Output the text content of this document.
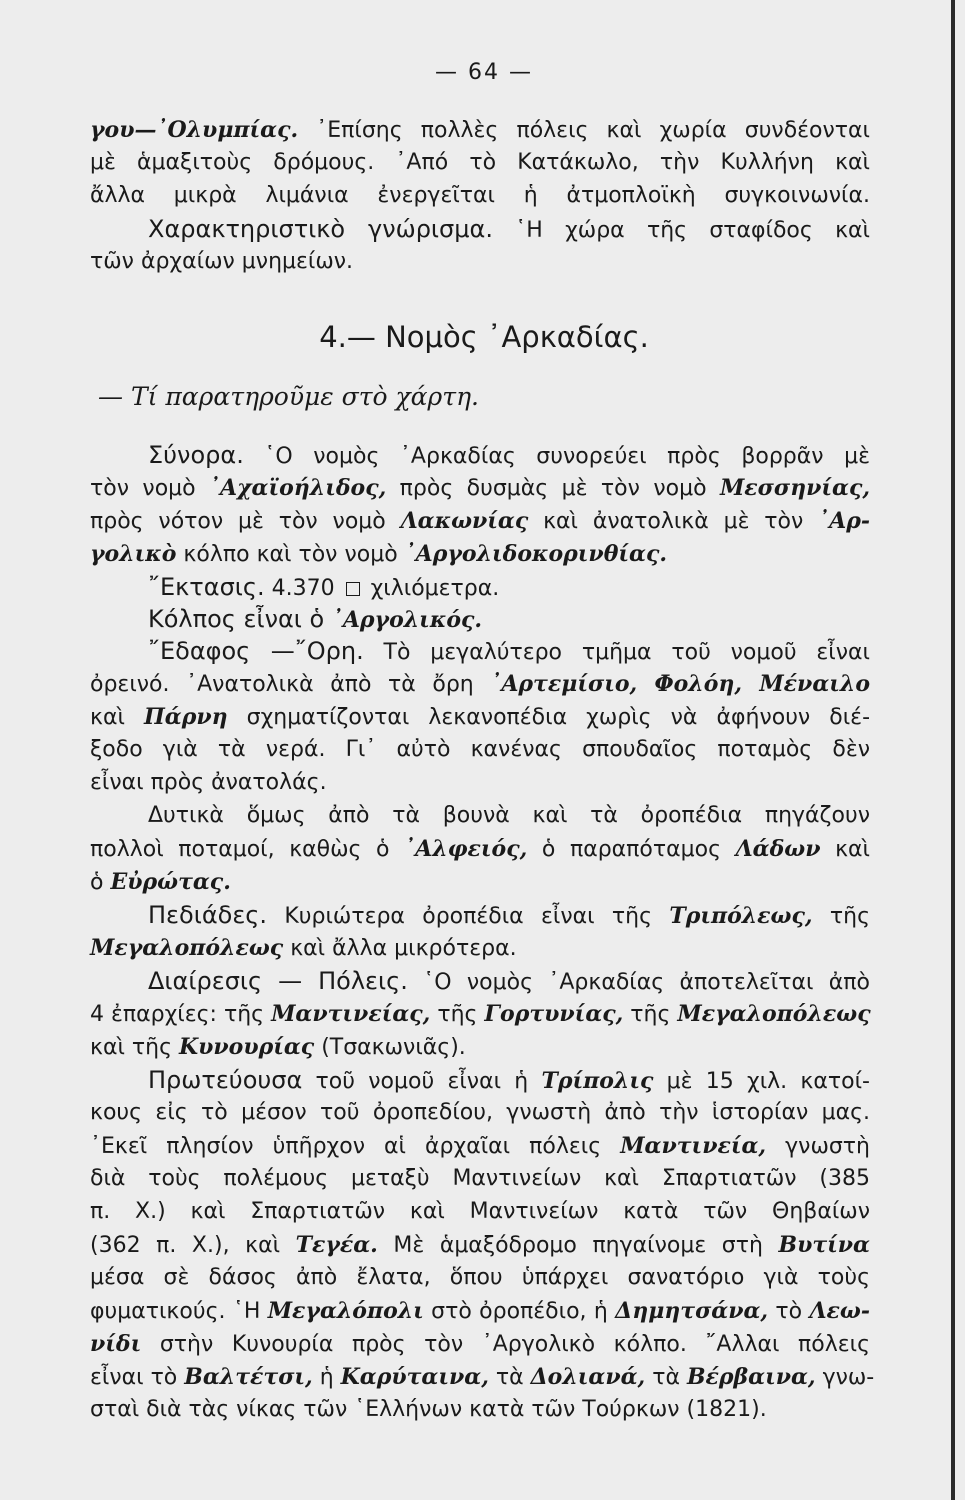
— 64 —
γου—᾿Ολυμπίας. ᾿Επίσης πολλὲς πόλεις καὶ χωρία συνδέονται
μὲ ἁμαξιτοὺς δρόμους. ᾿Από τὸ Κατάκωλο, τὴν Κυλλήνη καὶ
ἄλλα μικρὰ λιμάνια ἐνεργεῖται ἡ ἀτμοπλοϊκὴ συγκοινωνία.
Χαρακτηριστικὸ γνώρισμα. ῾Η χώρα τῆς σταφίδος καὶ
τῶν ἀρχαίων μνημείων.
4.— Νομὸς ᾿Αρκαδίας.
— Τί παρατηροῦμε στὸ χάρτη.
Σύνορα. ῾Ο νομὸς ᾿Αρκαδίας συνορεύει πρὸς βορρᾶν μὲ
τὸν νομὸ ᾿Αχαϊοήλιδος, πρὸς δυσμὰς μὲ τὸν νομὸ Μεσσηνίας,
πρὸς νότον μὲ τὸν νομὸ Λακωνίας καὶ ἀνατολικὰ μὲ τὸν ᾿Αρ-
γολικὸ κόλπο καὶ τὸν νομὸ ᾿Αργολιδοκορινθίας.
῎Εκτασις. 4.370  χιλιόμετρα.
Κόλπος εἶναι ὁ ᾿Αργολικός.
῎Εδαφος —῎Ορη. Τὸ μεγαλύτερο τμῆμα τοῦ νομοῦ εἶναι
ὀρεινό. ᾿Ανατολικὰ ἀπὸ τὰ ὄρη ᾿Αρτεμίσιο, Φολόη, Μέναιλο
καὶ Πάρνη σχηματίζονται λεκανοπέδια χωρὶς νὰ ἀφήνουν διέ-
ξοδο γιὰ τὰ νερά. Γι᾿ αὐτὸ κανένας σπουδαῖος ποταμὸς δὲν
εἶναι πρὸς ἀνατολάς.
Δυτικὰ ὅμως ἀπὸ τὰ βουνὰ καὶ τὰ ὀροπέδια πηγάζουν
πολλοὶ ποταμοί, καθὼς ὁ ᾿Αλφειός, ὁ παραπόταμος Λάδων καὶ
ὁ Εὐρώτας.
Πεδιάδες. Κυριώτερα ὀροπέδια εἶναι τῆς Τριπόλεως, τῆς
Μεγαλοπόλεως καὶ ἄλλα μικρότερα.
Διαίρεσις — Πόλεις. ῾Ο νομὸς ᾿Αρκαδίας ἀποτελεῖται ἀπὸ
4 ἐπαρχίες: τῆς Μαντινείας, τῆς Γορτυνίας, τῆς Μεγαλοπόλεως
καὶ τῆς Κυνουρίας (Τσακωνιᾶς).
Πρωτεύουσα τοῦ νομοῦ εἶναι ἡ Τρίπολις μὲ 15 χιλ. κατοί-
κους εἰς τὸ μέσον τοῦ ὀροπεδίου, γνωστὴ ἀπὸ τὴν ἱστορίαν μας.
᾿Εκεῖ πλησίον ὑπῆρχον αἱ ἀρχαῖαι πόλεις Μαντινεία, γνωστὴ
διὰ τοὺς πολέμους μεταξὺ Μαντινείων καὶ Σπαρτιατῶν (385
π. Χ.) καὶ Σπαρτιατῶν καὶ Μαντινείων κατὰ τῶν Θηβαίων
(362 π. Χ.), καὶ Τεγέα. Μὲ ἁμαξόδρομο πηγαίνομε στὴ Βυτίνα
μέσα σὲ δάσος ἀπὸ ἔλατα, ὅπου ὑπάρχει σανατόριο γιὰ τοὺς
φυματικούς. ῾Η Μεγαλόπολι στὸ ὀροπέδιο, ἡ Δημητσάνα, τὸ Λεω-
νίδι στὴν Κυνουρία πρὸς τὸν ᾿Αργολικὸ κόλπο. ῎Αλλαι πόλεις
εἶναι τὸ Βαλτέτσι, ἡ Καρύταινα, τὰ Δολιανά, τὰ Βέρβαινα, γνω-
σταὶ διὰ τὰς νίκας τῶν ῾Ελλήνων κατὰ τῶν Τούρκων (1821).
